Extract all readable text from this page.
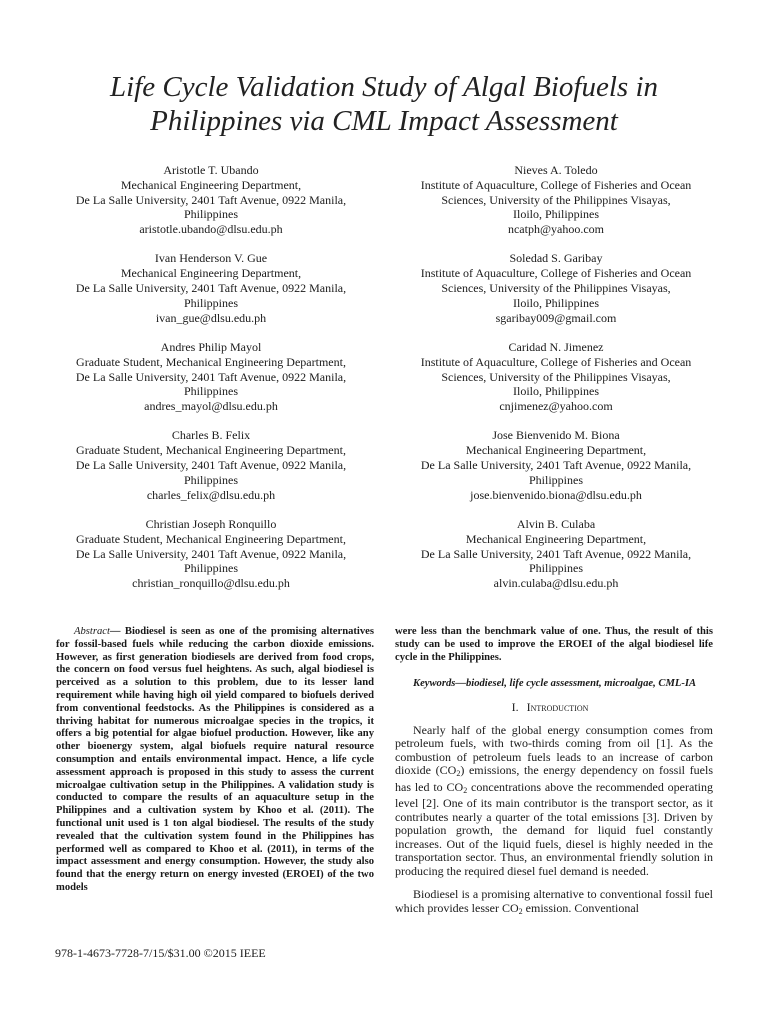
Life Cycle Validation Study of Algal Biofuels in
Philippines via CML Impact Assessment
Aristotle T. Ubando
Mechanical Engineering Department,
De La Salle University, 2401 Taft Avenue, 0922 Manila,
Philippines
aristotle.ubando@dlsu.edu.ph
Ivan Henderson V. Gue
Mechanical Engineering Department,
De La Salle University, 2401 Taft Avenue, 0922 Manila,
Philippines
ivan_gue@dlsu.edu.ph
Andres Philip Mayol
Graduate Student, Mechanical Engineering Department,
De La Salle University, 2401 Taft Avenue, 0922 Manila,
Philippines
andres_mayol@dlsu.edu.ph
Charles B. Felix
Graduate Student, Mechanical Engineering Department,
De La Salle University, 2401 Taft Avenue, 0922 Manila,
Philippines
charles_felix@dlsu.edu.ph
Christian Joseph Ronquillo
Graduate Student, Mechanical Engineering Department,
De La Salle University, 2401 Taft Avenue, 0922 Manila,
Philippines
christian_ronquillo@dlsu.edu.ph
Nieves A. Toledo
Institute of Aquaculture, College of Fisheries and Ocean
Sciences, University of the Philippines Visayas,
Iloilo, Philippines
ncatph@yahoo.com
Soledad S. Garibay
Institute of Aquaculture, College of Fisheries and Ocean
Sciences, University of the Philippines Visayas,
Iloilo, Philippines
sgaribay009@gmail.com
Caridad N. Jimenez
Institute of Aquaculture, College of Fisheries and Ocean
Sciences, University of the Philippines Visayas,
Iloilo, Philippines
cnjimenez@yahoo.com
Jose Bienvenido M. Biona
Mechanical Engineering Department,
De La Salle University, 2401 Taft Avenue, 0922 Manila,
Philippines
jose.bienvenido.biona@dlsu.edu.ph
Alvin B. Culaba
Mechanical Engineering Department,
De La Salle University, 2401 Taft Avenue, 0922 Manila,
Philippines
alvin.culaba@dlsu.edu.ph

Abstract— Biodiesel is seen as one of the promising alternatives for fossil-based fuels while reducing the carbon dioxide emissions. However, as first generation biodiesels are derived from food crops, the concern on food versus fuel heightens. As such, algal biodiesel is perceived as a solution to this problem, due to its lesser land requirement while having high oil yield compared to biofuels derived from conventional feedstocks. As the Philippines is considered as a thriving habitat for numerous microalgae species in the tropics, it offers a big potential for algae biofuel production. However, like any other bioenergy system, algal biofuels require natural resource consumption and entails environmental impact. Hence, a life cycle assessment approach is proposed in this study to assess the current microalgae cultivation setup in the Philippines. A validation study is conducted to compare the results of an aquaculture setup in the Philippines and a cultivation system by Khoo et al. (2011). The functional unit used is 1 ton algal biodiesel. The results of the study revealed that the cultivation system found in the Philippines has performed well as compared to Khoo et al. (2011), in terms of the impact assessment and energy consumption. However, the study also found that the energy return on energy invested (EROEI) of the two models

were less than the benchmark value of one. Thus, the result of this study can be used to improve the EROEI of the algal biodiesel life cycle in the Philippines.

Keywords—biodiesel, life cycle assessment, microalgae, CML-IA

I. Introduction

Nearly half of the global energy consumption comes from petroleum fuels, with two-thirds coming from oil [1]. As the combustion of petroleum fuels leads to an increase of carbon dioxide $(CO_2)$ emissions, the energy dependency on fossil fuels has led to $CO_2$ concentrations above the recommended operating level [2]. One of its main contributor is the transport sector, as it contributes nearly a quarter of the total emissions [3]. Driven by population growth, the demand for liquid fuel constantly increases. Out of the liquid fuels, diesel is highly needed in the transportation sector. Thus, an environmental friendly solution in producing the required diesel fuel demand is needed.

Biodiesel is a promising alternative to conventional fossil fuel which provides lesser $CO_2$ emission. Conventional

978-1-4673-7728-7/15/$31.00 ©2015 IEEE
